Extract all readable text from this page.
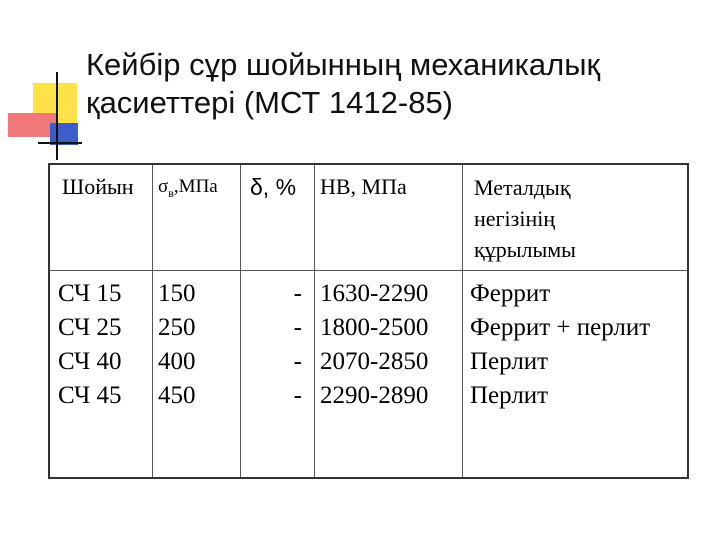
Кейбір сұр шойынның механикалық
қасиеттері (МСТ 1412-85)
Шойын $\sigma_в,МПа$ δ, % НВ, МПа	Металдық
негізінің
құрылымы
СЧ 15
СЧ 25
СЧ 40
СЧ 45
150
250
400
450
-
-
-
-
1630-2290
1800-2500
2070-2850
2290-2890
Феррит
Феррит + перлит
Перлит
Перлит
